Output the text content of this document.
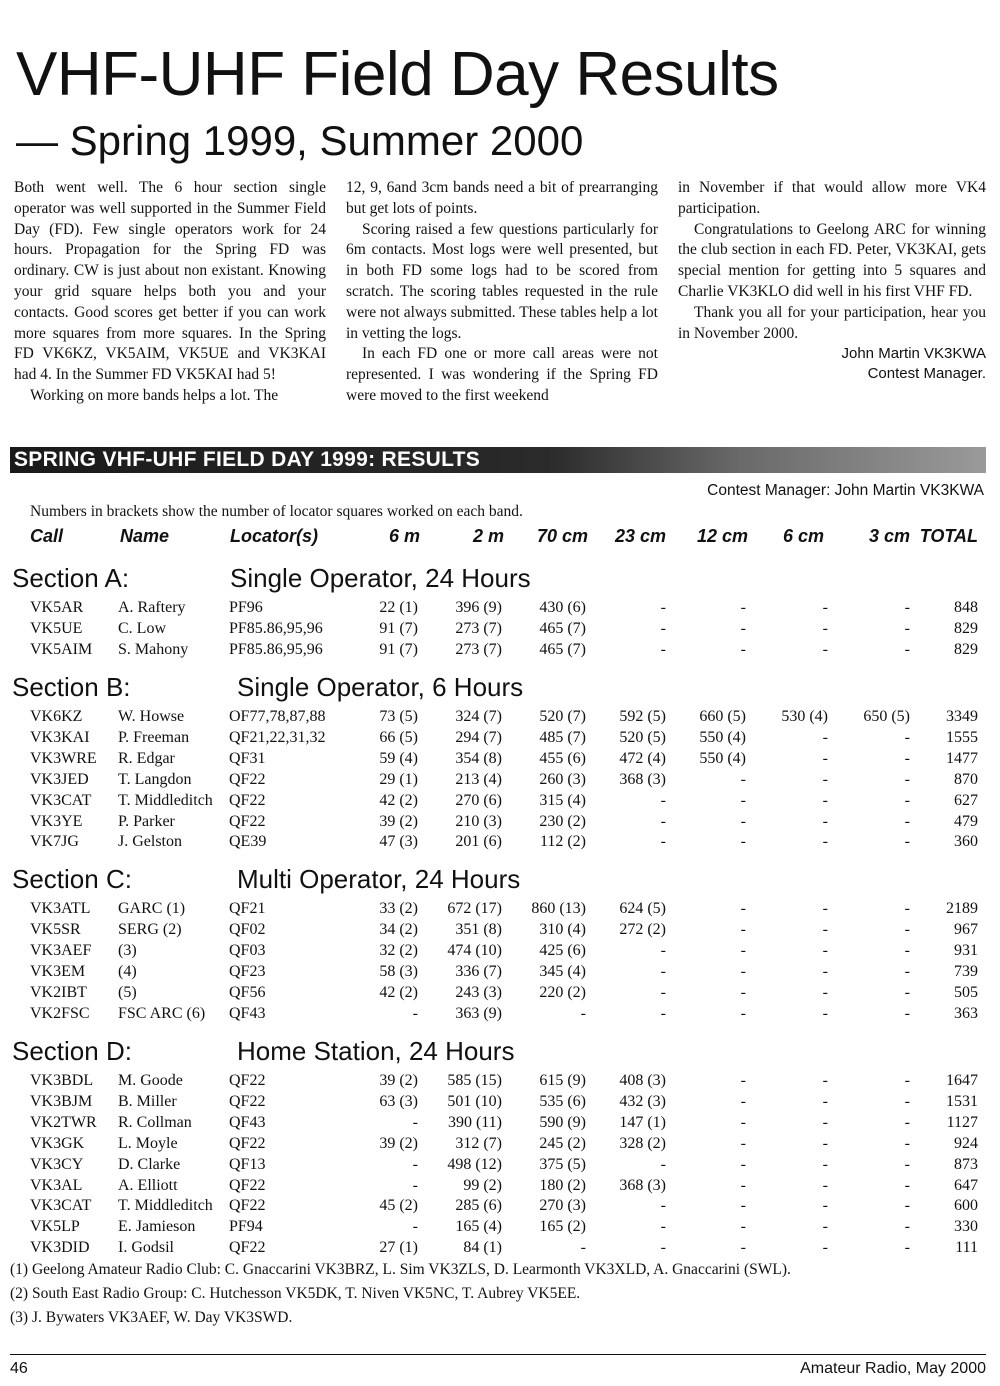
VHF-UHF Field Day Results
— Spring 1999, Summer 2000

Both went well. The 6 hour section single operator was well supported in the Summer Field Day (FD). Few single operators work for 24 hours. Propagation for the Spring FD was ordinary. CW is just about non existant. Knowing your grid square helps both you and your contacts. Good scores get better if you can work more squares from more squares. In the Spring FD VK6KZ, VK5AIM, VK5UE and VK3KAI had 4. In the Summer FD VK5KAI had 5!

Working on more bands helps a lot. The

12, 9, 6and 3cm bands need a bit of prearranging but get lots of points.

Scoring raised a few questions particularly for 6m contacts. Most logs were well presented, but in both FD some logs had to be scored from scratch. The scoring tables requested in the rule were not always submitted. These tables help a lot in vetting the logs.

In each FD one or more call areas were not represented. I was wondering if the Spring FD were moved to the first weekend

in November if that would allow more VK4 participation.

Congratulations to Geelong ARC for winning the club section in each FD. Peter, VK3KAI, gets special mention for getting into 5 squares and Charlie VK3KLO did well in his first VHF FD.

Thank you all for your participation, hear you in November 2000.

John Martin VK3KWA

Contest Manager.

SPRING VHF-UHF FIELD DAY 1999: RESULTS
Contest Manager: John Martin VK3KWA
Numbers in brackets show the number of locator squares worked on each band.
Call	Name	Locator(s)	6 m	2 m 70 cm 23 cm 12 cm 6 cm 3 cm TOTAL
Section A:	Single Operator, 24 Hours
VK5AR A. Raftery	PF96	22 (1) 396 (9) 430 (6)	-	-	-	-	848
VK5UE C. Low	PF85.86,95,96	91 (7) 273 (7) 465 (7)	-	-	-	-	829
VK5AIM S. Mahony	PF85.86,95,96	91 (7) 273 (7) 465 (7)	-	-	-	-	829
Section B:	Single Operator, 6 Hours
VK6KZ W. Howse	OF77,78,87,88	73 (5) 324 (7) 520 (7) 592 (5) 660 (5) 530 (4) 650 (5) 3349
VK3KAI P. Freeman QF21,22,31,32	66 (5) 294 (7) 485 (7) 520 (5) 550 (4)	-	- 1555
VK3WRE R. Edgar	QF31	59 (4) 354 (8) 455 (6) 472 (4) 550 (4)	-	- 1477
VK3JED T. Langdon QF22	29 (1) 213 (4) 260 (3) 368 (3)	-	-	-	870
VK3CAT T. Middleditch QF22	42 (2) 270 (6) 315 (4)	-	-	-	-	627
VK3YE P. Parker	QF22	39 (2) 210 (3) 230 (2)	-	-	-	-	479
VK7JG J. Gelston	QE39	47 (3) 201 (6) 112 (2)	-	-	-	-	360
Section C:	Multi Operator, 24 Hours
VK3ATL GARC (1)	QF21	33 (2) 672 (17) 860 (13) 624 (5)	-	-	- 2189
VK5SR SERG (2)	QF02	34 (2) 351 (8) 310 (4) 272 (2)	-	-	-	967
VK3AEF (3)	QF03	32 (2) 474 (10) 425 (6)	-	-	-	-	931
VK3EM (4)	QF23	58 (3) 336 (7) 345 (4)	-	-	-	-	739
VK2IBT (5)	QF56	42 (2) 243 (3) 220 (2)	-	-	-	-	505
VK2FSC FSC ARC (6) QF43	- 363 (9)	-	-	-	-	-	363
Section D:	Home Station, 24 Hours
VK3BDL M. Goode	QF22	39 (2) 585 (15) 615 (9) 408 (3)	-	-	- 1647
VK3BJM B. Miller	QF22	63 (3) 501 (10) 535 (6) 432 (3)	-	-	- 1531
VK2TWR R. Collman QF43	- 390 (11) 590 (9) 147 (1)	-	-	- 1127
VK3GK L. Moyle	QF22	39 (2) 312 (7) 245 (2) 328 (2)	-	-	-	924
VK3CY D. Clarke	QF13	- 498 (12) 375 (5)	-	-	-	-	873
VK3AL A. Elliott	QF22	-	99 (2) 180 (2) 368 (3)	-	-	-	647
VK3CAT T. Middleditch QF22	45 (2) 285 (6) 270 (3)	-	-	-	-	600
VK5LP E. Jamieson PF94	- 165 (4) 165 (2)	-	-	-	-	330
VK3DID I. Godsil	QF22	27 (1)	84 (1)	-	-	-	-	-	111
(1) Geelong Amateur Radio Club: C. Gnaccarini VK3BRZ, L. Sim VK3ZLS, D. Learmonth VK3XLD, A. Gnaccarini (SWL).
(2) South East Radio Group: C. Hutchesson VK5DK, T. Niven VK5NC, T. Aubrey VK5EE.
(3) J. Bywaters VK3AEF, W. Day VK3SWD.
46	Amateur Radio, May 2000
